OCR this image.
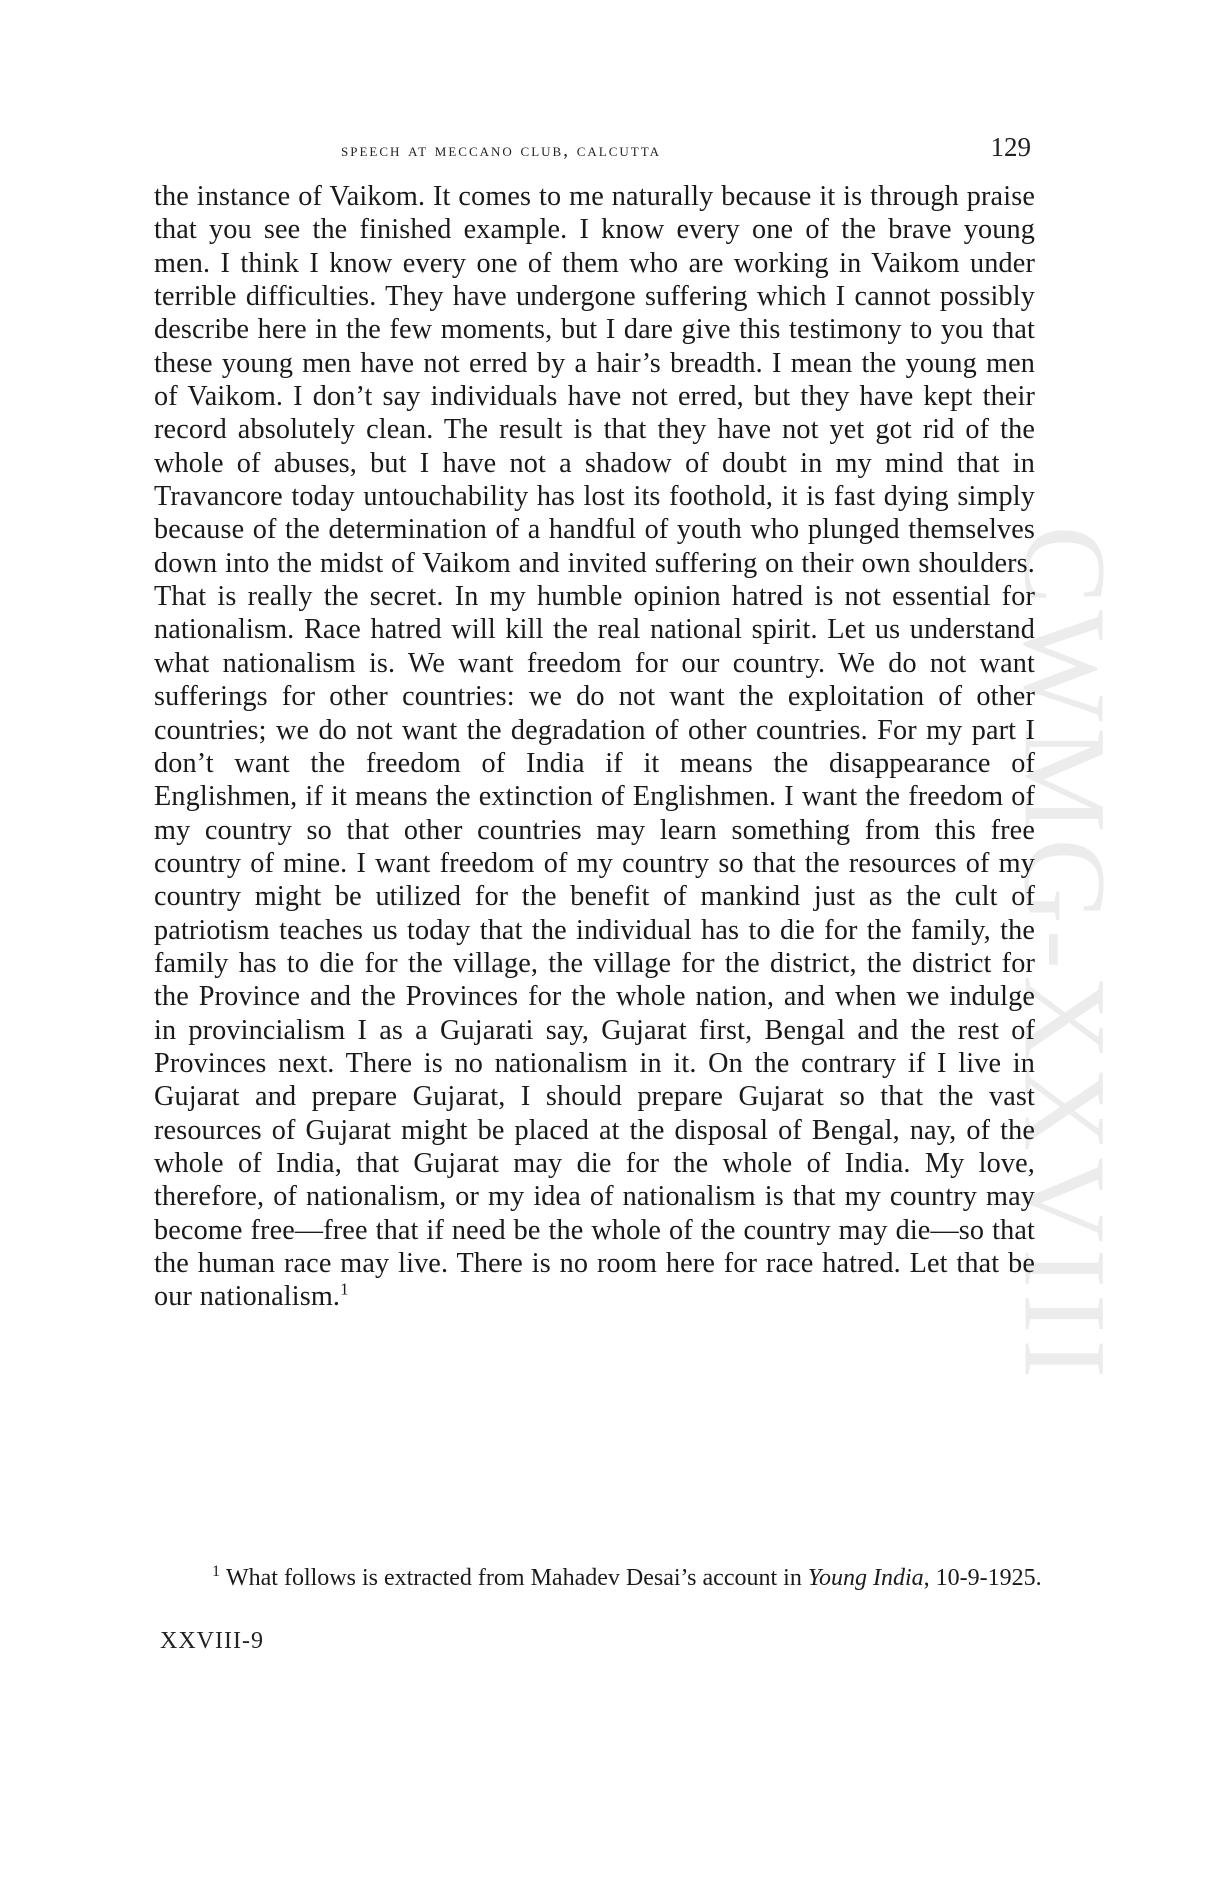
CWMG-XXVIII
speech at meccano club, calcutta	129

the instance of Vaikom. It comes to me naturally because it is through praise that you see the finished example. I know every one of the brave young men. I think I know every one of them who are working in Vaikom under terrible difficulties. They have undergone suffering which I cannot possibly describe here in the few moments, but I dare give this testimony to you that these young men have not erred by a hair’s breadth. I mean the young men of Vaikom. I don’t say individuals have not erred, but they have kept their record absolutely clean. The result is that they have not yet got rid of the whole of abuses, but I have not a shadow of doubt in my mind that in Travancore today untouchability has lost its foothold, it is fast dying simply because of the determination of a handful of youth who plunged themselves down into the midst of Vaikom and invited suffering on their own shoulders. That is really the secret. In my humble opinion hatred is not essential for nationalism. Race hatred will kill the real national spirit. Let us understand what nationalism is. We want freedom for our country. We do not want sufferings for other countries: we do not want the exploitation of other countries; we do not want the degradation of other countries. For my part I don’t want the freedom of India if it means the disappearance of Englishmen, if it means the extinction of Englishmen. I want the freedom of my country so that other countries may learn something from this free country of mine. I want freedom of my country so that the resources of my country might be utilized for the benefit of mankind just as the cult of patriotism teaches us today that the individual has to die for the family, the family has to die for the village, the village for the district, the district for the Province and the Provinces for the whole nation, and when we indulge in provincialism I as a Gujarati say, Gujarat first, Bengal and the rest of Provinces next. There is no nationalism in it. On the contrary if I live in Gujarat and prepare Gujarat, I should prepare Gujarat so that the vast resources of Gujarat might be placed at the disposal of Bengal, nay, of the whole of India, that Gujarat may die for the whole of India. My love, therefore, of nationalism, or my idea of nationalism is that my country may become free—free that if need be the whole of the country may die—so that the human race may live. There is no room here for race hatred. Let that be our nationalism.$^1$

$^1$ What follows is extracted from Mahadev Desai’s account in Young India, 10-9-1925.

XXVIII-9
